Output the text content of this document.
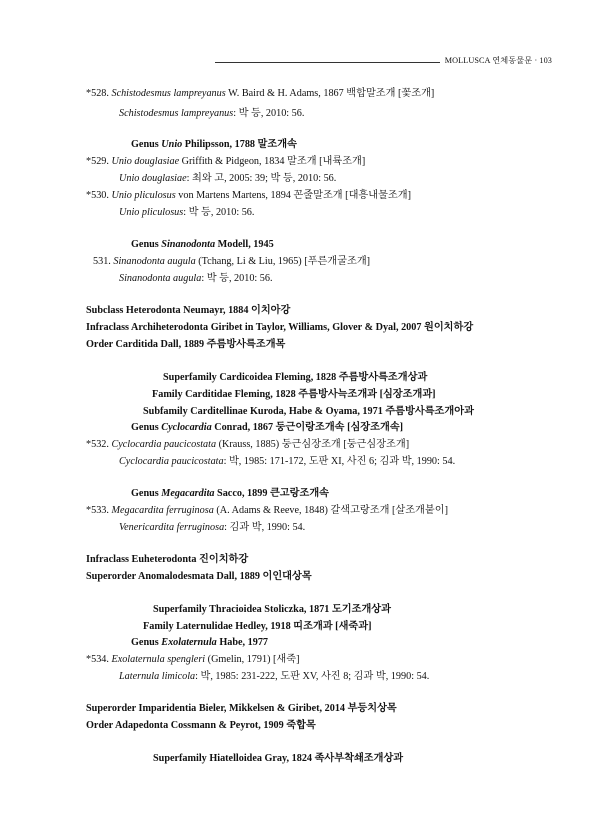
MOLLUSCA 연체동물문 · 103
*528. Schistodesmus lampreyanus W. Baird & H. Adams, 1867 백합말조개 [꽃조개]
Schistodesmus lampreyanus: 박 등, 2010: 56.
Genus Unio Philipsson, 1788 말조개속
*529. Unio douglasiae Griffith & Pidgeon, 1834 말조개 [내륙조개]
Unio douglasiae: 최와 고, 2005: 39; 박 등, 2010: 56.
*530. Unio pliculosus von Martens Martens, 1894 꼰줄말조개 [대흥내물조개]
Unio pliculosus: 박 등, 2010: 56.
Genus Sinanodonta Modell, 1945
531. Sinanodonta augula (Tchang, Li & Liu, 1965) [푸른개굴조개]
Sinanodonta augula: 박 등, 2010: 56.
Subclass Heterodonta Neumayr, 1884 이치아강
Infraclass Archiheterodonta Giribet in Taylor, Williams, Glover & Dyal, 2007 원이치하강
Order Carditida Dall, 1889 주름방사륵조개목
Superfamily Cardicoidea Fleming, 1828 주름방사륵조개상과
Family Carditidae Fleming, 1828 주름방사늑조개과 [심장조개과]
Subfamily Carditellinae Kuroda, Habe & Oyama, 1971 주름방사륵조개아과
Genus Cyclocardia Conrad, 1867 둥근이랑조개속 [심장조개속]
*532. Cyclocardia paucicostata (Krauss, 1885) 둥근심장조개 [둥근심장조개]
Cyclocardia paucicostata: 박, 1985: 171-172, 도판 XI, 사진 6; 김과 박, 1990: 54.
Genus Megacardita Sacco, 1899 큰고랑조개속
*533. Megacardita ferruginosa (A. Adams & Reeve, 1848) 갈색고랑조개 [살조개붙이]
Venericardita ferruginosa: 김과 박, 1990: 54.
Infraclass Euheterodonta 진이치하강
Superorder Anomalodesmata Dall, 1889 이인대상목
Superfamily Thracioidea Stoliczka, 1871 도기조개상과
Family Laternulidae Hedley, 1918 띠조개과 [새죽과]
Genus Exolaternula Habe, 1977
*534. Exolaternula spengleri (Gmelin, 1791) [새죽]
Laternula limicola: 박, 1985: 231-222, 도판 XV, 사진 8; 김과 박, 1990: 54.
Superorder Imparidentia Bieler, Mikkelsen & Giribet, 2014 부등치상목
Order Adapedonta Cossmann & Peyrot, 1909 죽합목
Superfamily Hiatelloidea Gray, 1824 족사부착쇄조개상과
